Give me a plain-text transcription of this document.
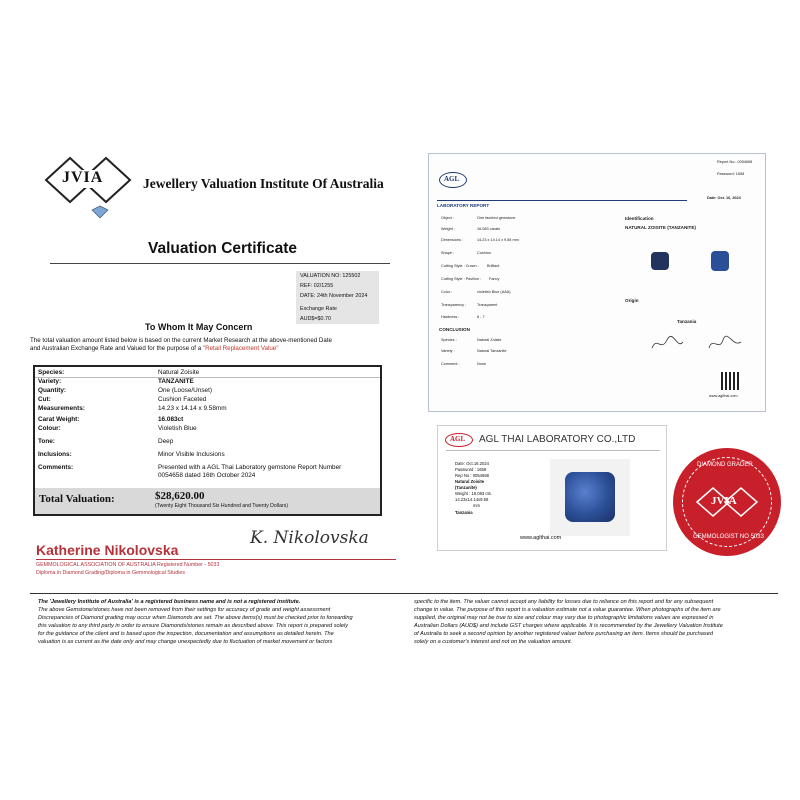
JVIA	Jewellery Valuation Institute Of Australia
Valuation Certificate
VALUATION NO: 125502
REF: 02/1255
DATE: 24th November 2024
Exchange Rate
AUD$=$0.70
To Whom It May Concern
The total valuation amount listed below is based on the current Market Research at the above-mentioned Date
and Australian Exchange Rate and Valued for the purpose of a "Retail Replacement Value"
Species:	Natural Zoisite
Variety:	TANZANITE
Quantity:	One (Loose/Unset)
Cut:	Cushion Faceted
Measurements:	14.23 x 14.14 x 9.58mm
Carat Weight:	16.083ct
Colour:	Violetish Blue
Tone:	Deep
Inclusions:	Minor Visible Inclusions
Comments:	Presented with a AGL Thai Laboratory gemstone Report Number
0054658 dated 16th October 2024
Total Valuation:	$28,620.00
(Twenty Eight Thousand Six Hundred and Twenty Dollars)
Katherine Nikolovska
K. Nikolovska
GEMMOLOGICAL ASSOCIATION OF AUSTRALIA Registered Number - 5033
Diploma in Diamond Grading/Diploma in Gemmological Studies
AGL
Report No.: 0054658
Password: 1658
Date: Oct. 16, 2024
LABORATORY REPORT
Object :	One faceted gemstone
Weight :	16.083 carats
Dimensions :	14.23 x 14.14 x 9.58 mm
Shape :	Cushion
Cutting Style : Crown : Brilliant
Cutting Style : Pavilion : Fancy
Color :	violetish Blue (AAA)
Transparency :	Transparent
Hardness :	6 - 7
CONCLUSION
Species :	Natural Zoisite
Variety :	Natural Tanzanite
Comment :	None
Identification
NATURAL ZOISITE (TANZANITE)
Origin
Tanzania
www.aglthai.com
AGL AGL THAI LABORATORY CO.,LTD
Date: Oct.16.2024
Password : 1658
Rep No : 0054658
Natural Zoisite
(Tanzanite)
Weight : 16.083 cts.
14.23x14.14x9.58
mm
Tanzania
www.aglthai.com
DIAMOND GRADER
JVIA
GEMMOLOGIST NO 5033
The 'Jewellery Institute of Australia' is a registered business name and is not a registered institute.
The above Gemstone/stones have not been removed from their settings for accuracy of grade and weight assessment
Discrepancies of Diamond grading may occur when Diamonds are set. The above items(s) must be checked prior to forwarding
this valuation to any third party in order to ensure Diamonds/stones remain as described above. This report is prepared solely
for the guidance of the client and is based upon the inspection, documentation and assumptions as detailed herein. The
valuation is as current as the date only and may change unexpectedly due to fluctuation of market movement or factors
specific to the item. The valuer cannot accept any liability for losses due to reliance on this report and for any subsequent
change in value. The purpose of this report is a valuation estimate not a value guarantee. When photographs of the item are
supplied, the original may not be true to size and colour may vary due to photographic limitations values are expressed in
Australian Dollars (AUD$) and include GST charges where applicable. It is recommended by the Jewellery Valuation Institute
of Australia to seek a second opinion by another registered valuer before purchasing an item. Items should be purchased
solely on a customer's interest and not on the valuation amount.
